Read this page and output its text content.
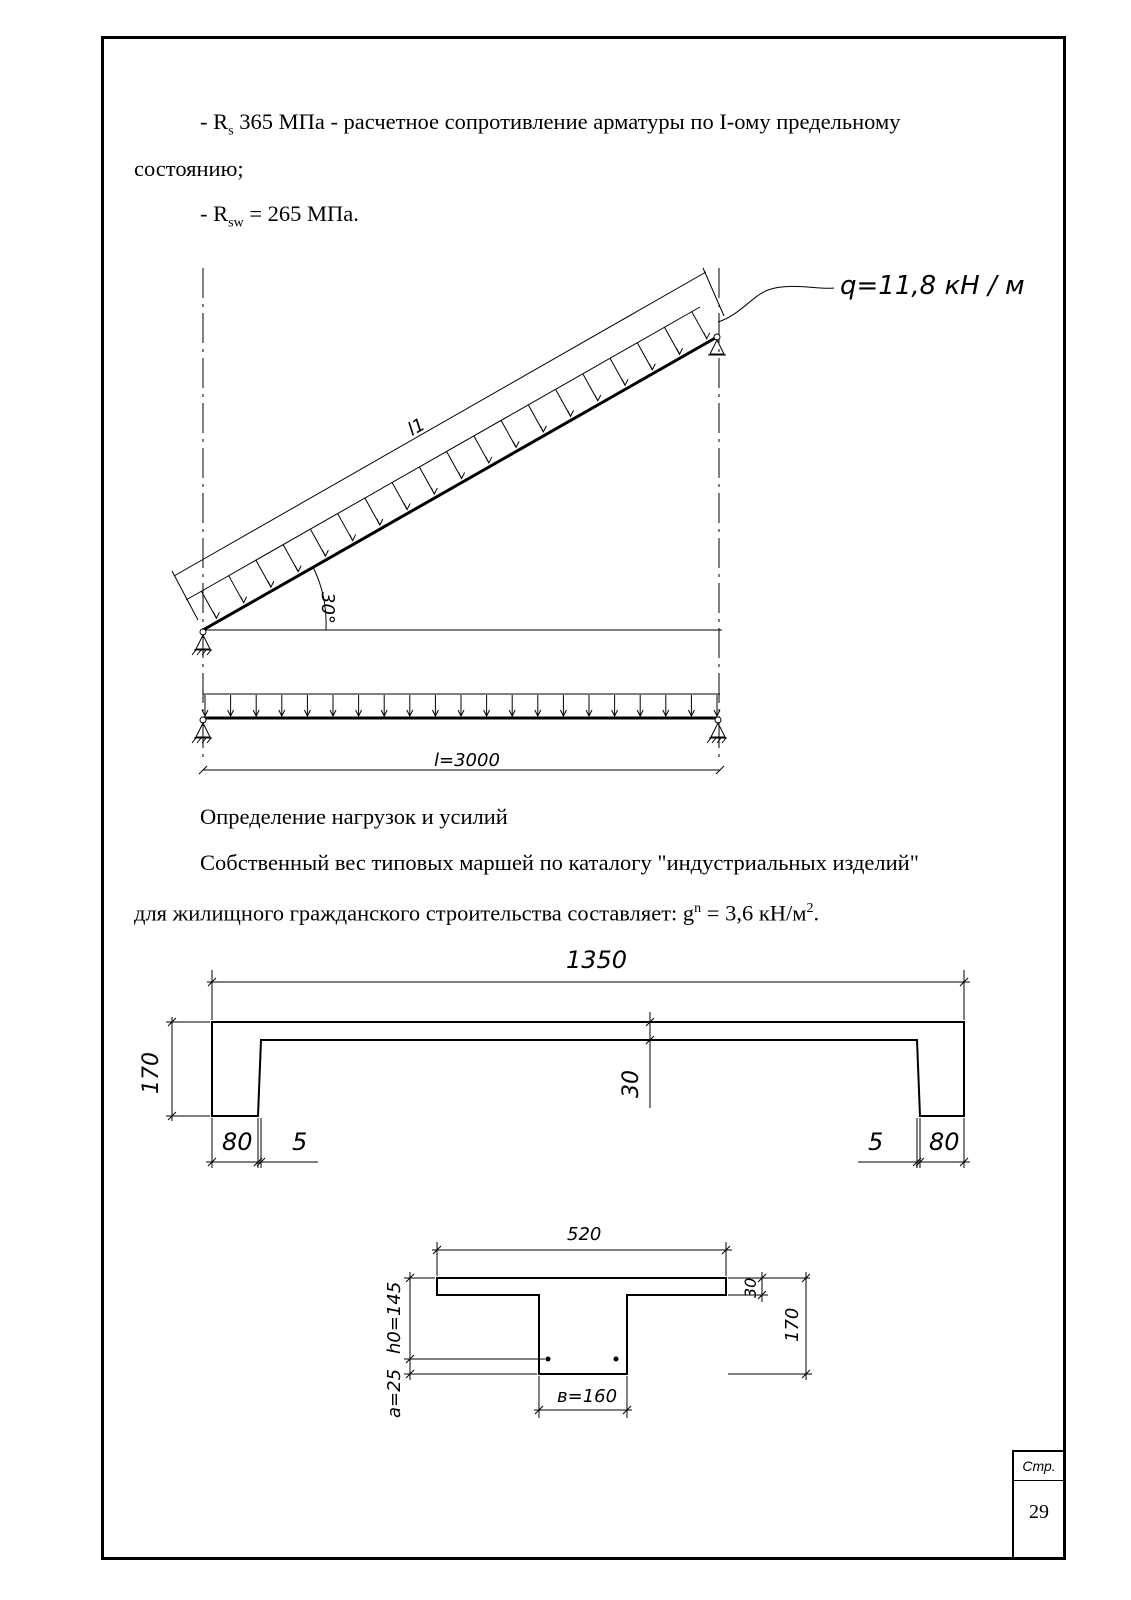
- $R_s$ 365 МПа - расчетное сопротивление арматуры по I-ому предельному
состоянию;
- $R_{sw} = 265$ МПа.
Определение нагрузок и усилий
Собственный вес типовых маршей по каталогу "индустриальных изделий"
для жилищного гражданского строительства составляет: $g^n = 3,6$ $кН/м^2$.
q=11,8 кН / м
l1
30°
l=3000
1350
170	30
80 5	5 80
520
30
170
h0=145
a=25	в=160
Стр.
29
